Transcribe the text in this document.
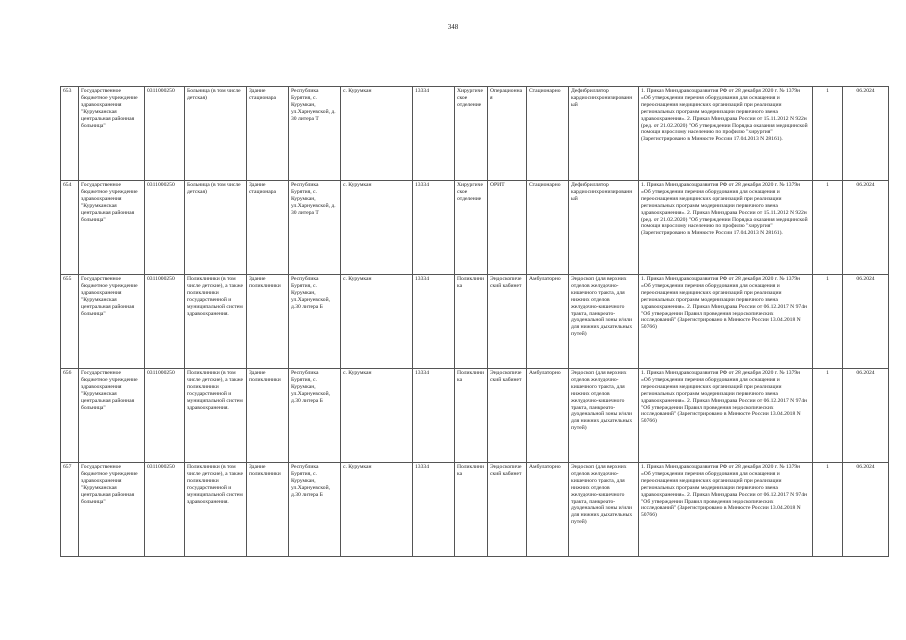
348
653	Государственное бюджетное учреждение здравоохранения "Курумканская центральная районная больница"	0311000250	Больница (в том числе детская)	Здание стационара	Республика Бурятия, с. Курумкан, ул.Харнуевской, д. 30 литера Т	с. Курумкан	13334	Хирургическое отделение	Операционная	Стационарно	Дефибриллятор кардиосинхронизированный	1. Приказ Минздравсоцразвития РФ от 28 декабря 2020 г. № 1379н «Об утверждении перечня оборудования для оснащения и переоснащения медицинских организаций при реализации региональных программ модернизации первичного звена здравоохранения». 2. Приказ Минздрава России от 15.11.2012 N 922н (ред. от 21.02.2020) "Об утверждении Порядка оказания медицинской помощи взрослому населению по профилю "хирургия" (Зарегистрировано в Минюсте России 17.04.2013 N 28161).	1	06.2024
654	Государственное бюджетное учреждение здравоохранения "Курумканская центральная районная больница"	0311000250	Больница (в том числе детская)	Здание стационара	Республика Бурятия, с. Курумкан, ул.Харнуевской, д. 30 литера Т	с. Курумкан	13334	Хирургическое отделение	ОРИТ	Стационарно	Дефибриллятор кардиосинхронизированный	1. Приказ Минздравсоцразвития РФ от 28 декабря 2020 г. № 1379н «Об утверждении перечня оборудования для оснащения и переоснащения медицинских организаций при реализации региональных программ модернизации первичного звена здравоохранения». 2. Приказ Минздрава России от 15.11.2012 N 922н (ред. от 21.02.2020) "Об утверждении Порядка оказания медицинской помощи взрослому населению по профилю "хирургия" (Зарегистрировано в Минюсте России 17.04.2013 N 28161).	1	06.2024
655	Государственное бюджетное учреждение здравоохранения "Курумканская центральная районная больница"	0311000250	Поликлиники (в том числе детские), а также поликлиники государственной и муниципальной систем здравоохранения.	Здание поликлиники	Республика Бурятия, с. Курумкан, ул.Харнуевской, д.30 литера Б	с. Курумкан	13334	Поликлиника	Эндоскопический кабинет	Амбулаторно	Эндоскоп (для верхних отделов желудочно-кишечного тракта, для нижних отделов желудочно-кишечного тракта, панкреато-дуоденальной зоны и/или для нижних дыхательных путей)	1. Приказ Минздравсоцразвития РФ от 28 декабря 2020 г. № 1379н «Об утверждении перечня оборудования для оснащения и переоснащения медицинских организаций при реализации региональных программ модернизации первичного звена здравоохранения». 2. Приказ Минздрава России от 06.12.2017 N 974н "Об утверждении Правил проведения эндоскопических исследований" (Зарегистрировано в Минюсте России 13.04.2018 N 50766)	1	06.2024
656	Государственное бюджетное учреждение здравоохранения "Курумканская центральная районная больница"	0311000250	Поликлиники (в том числе детские), а также поликлиники государственной и муниципальной систем здравоохранения.	Здание поликлиники	Республика Бурятия, с. Курумкан, ул.Харнуевской, д.30 литера Б	с. Курумкан	13334	Поликлиника	Эндоскопический кабинет	Амбулаторно	Эндоскоп (для верхних отделов желудочно-кишечного тракта, для нижних отделов желудочно-кишечного тракта, панкреато-дуоденальной зоны и/или для нижних дыхательных путей)	1. Приказ Минздравсоцразвития РФ от 28 декабря 2020 г. № 1379н «Об утверждении перечня оборудования для оснащения и переоснащения медицинских организаций при реализации региональных программ модернизации первичного звена здравоохранения». 2. Приказ Минздрава России от 06.12.2017 N 974н "Об утверждении Правил проведения эндоскопических исследований" (Зарегистрировано в Минюсте России 13.04.2018 N 50766)	1	06.2024
657	Государственное бюджетное учреждение здравоохранения "Курумканская центральная районная больница"	0311000250	Поликлиники (в том числе детские), а также поликлиники государственной и муниципальной систем здравоохранения.	Здание поликлиники	Республика Бурятия, с. Курумкан, ул.Харнуевской, д.30 литера Б	с. Курумкан	13334	Поликлиника	Эндоскопический кабинет	Амбулаторно	Эндоскоп (для верхних отделов желудочно-кишечного тракта, для нижних отделов желудочно-кишечного тракта, панкреато-дуоденальной зоны и/или для нижних дыхательных путей)	1. Приказ Минздравсоцразвития РФ от 28 декабря 2020 г. № 1379н «Об утверждении перечня оборудования для оснащения и переоснащения медицинских организаций при реализации региональных программ модернизации первичного звена здравоохранения». 2. Приказ Минздрава России от 06.12.2017 N 974н "Об утверждении Правил проведения эндоскопических исследований" (Зарегистрировано в Минюсте России 13.04.2018 N 50766)	1	06.2024
